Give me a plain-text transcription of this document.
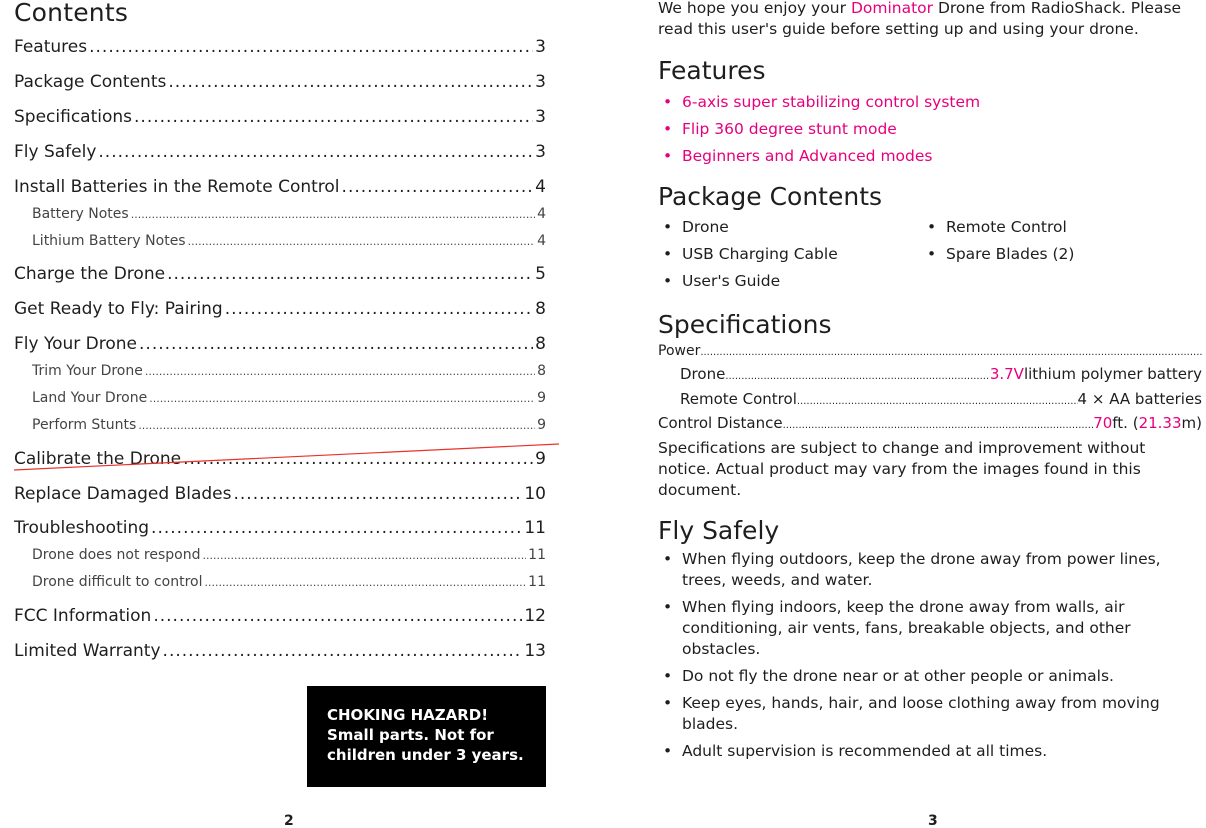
Contents
Features .....	3
Package Contents .....	3
Specifications .....	3
Fly Safely .....	3
Install Batteries in the Remote Control .....	4
Battery Notes .....	4
Lithium Battery Notes .....	4
Charge the Drone .....	5
Get Ready to Fly: Pairing .....	8
Fly Your Drone .....	8
Trim Your Drone .....	8
Land Your Drone .....	9
Perform Stunts .....	9
Calibrate the Drone .....	9
Replace Damaged Blades .....	10
Troubleshooting .....	11
Drone does not respond .....	11
Drone difficult to control .....	11
FCC Information .....	12
Limited Warranty .....	13
CHOKING HAZARD!
Small parts. Not for
children under 3 years.
2

We hope you enjoy your Dominator Drone from RadioShack. Please read this user's guide before setting up and using your drone.

Features
• 6-axis super stabilizing control system
• Flip 360 degree stunt mode
• Beginners and Advanced modes
Package Contents
• Drone	• Remote Control
• USB Charging Cable	• Spare Blades (2)
• User's Guide
Specifications
Power
.....
Drone .....	3.7V lithium polymer battery
Remote Control .....	4 × AA batteries
Control Distance .....	70 ft. ( 21.33 m)

Specifications are subject to change and improvement without notice. Actual product may vary from the images found in this document.

Fly Safely
• When flying outdoors, keep the drone away from power lines, trees, weeds, and water.
• When flying indoors, keep the drone away from walls, air conditioning, air vents, fans, breakable objects, and other obstacles.
• Do not fly the drone near or at other people or animals.
• Keep eyes, hands, hair, and loose clothing away from moving blades.
• Adult supervision is recommended at all times.
3
